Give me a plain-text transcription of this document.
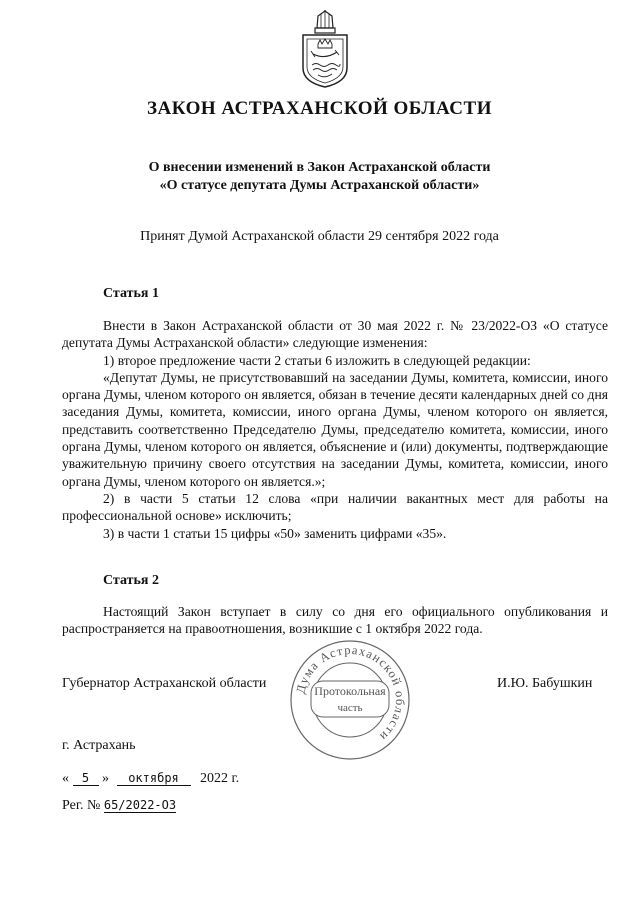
ЗАКОН АСТРАХАНСКОЙ ОБЛАСТИ
О внесении изменений в Закон Астраханской области
«О статусе депутата Думы Астраханской области»
Принят Думой Астраханской области 29 сентября 2022 года
Статья 1

Внести в Закон Астраханской области от 30 мая 2022 г. № 23/2022-ОЗ «О статусе депутата Думы Астраханской области» следующие изменения:

1) второе предложение части 2 статьи 6 изложить в следующей редакции:

«Депутат Думы, не присутствовавший на заседании Думы, комитета, комиссии, иного органа Думы, членом которого он является, обязан в течение десяти календарных дней со дня заседания Думы, комитета, комиссии, иного органа Думы, членом которого он является, представить соответственно Председателю Думы, председателю комитета, комиссии, иного органа Думы, членом которого он является, объяснение и (или) документы, подтверждающие уважительную причину своего отсутствия на заседании Думы, комитета, комиссии, иного органа Думы, членом которого он является.»;

2) в части 5 статьи 12 слова «при наличии вакантных мест для работы на профессиональной основе» исключить;

3) в части 1 статьи 15 цифры «50» заменить цифрами «35».

Статья 2

Настоящий Закон вступает в силу со дня его официального опубликования и распространяется на правоотношения, возникшие с 1 октября 2022 года.

Дума Астраханской области
Протокольная
часть
Губернатор Астраханской области	И.Ю. Бабушкин
г. Астрахань
« 5 » октября 2022 г.
Рег. № 65/2022-ОЗ
